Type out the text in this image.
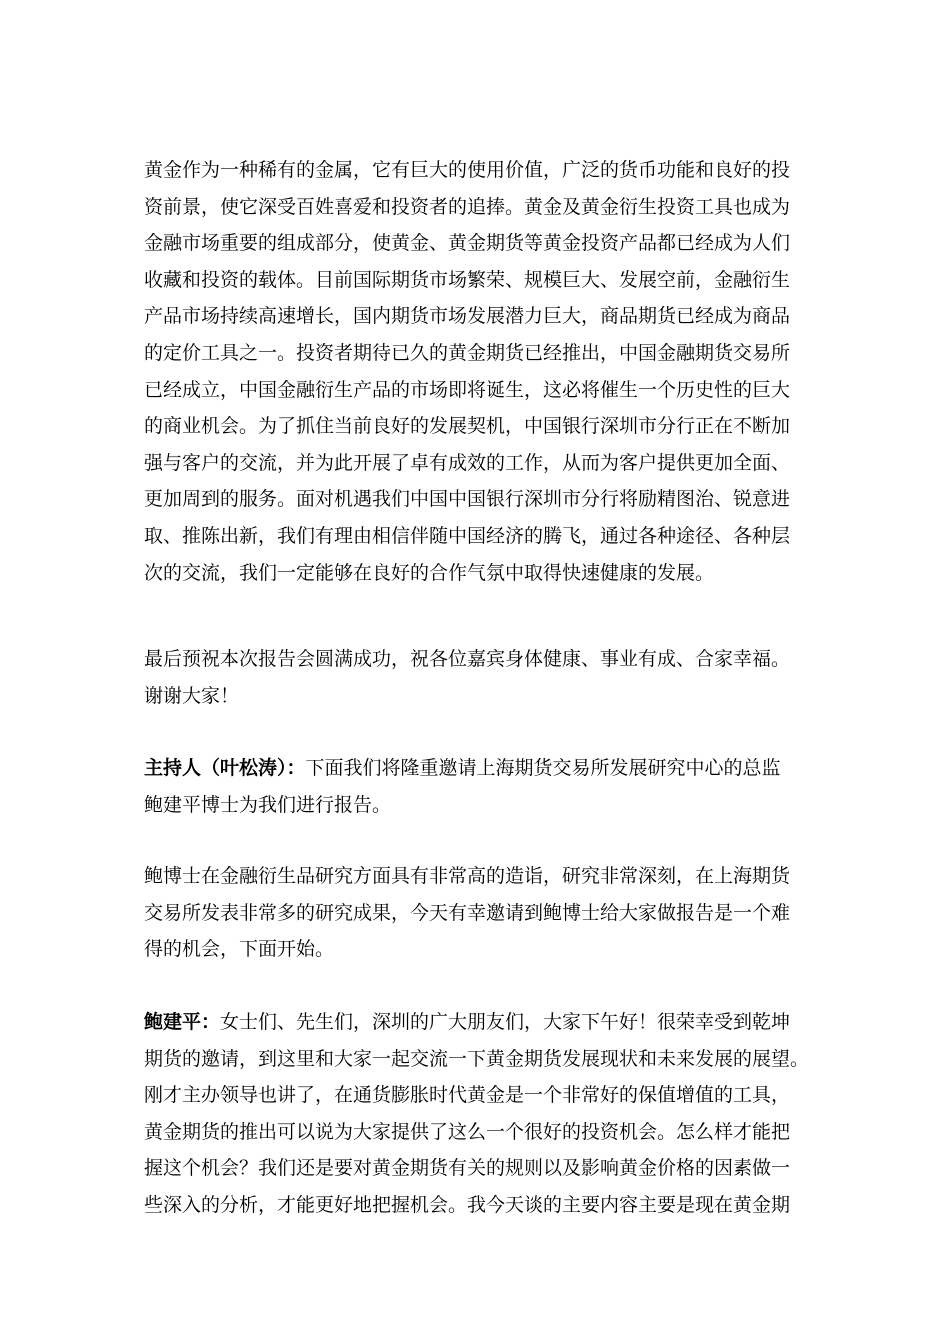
黄金作为一种稀有的金属，它有巨大的使用价值，广泛的货币功能和良好的投
资前景，使它深受百姓喜爱和投资者的追捧。黄金及黄金衍生投资工具也成为
金融市场重要的组成部分，使黄金、黄金期货等黄金投资产品都已经成为人们
收藏和投资的载体。目前国际期货市场繁荣、规模巨大、发展空前，金融衍生
产品市场持续高速增长，国内期货市场发展潜力巨大，商品期货已经成为商品
的定价工具之一。投资者期待已久的黄金期货已经推出，中国金融期货交易所
已经成立，中国金融衍生产品的市场即将诞生，这必将催生一个历史性的巨大
的商业机会。为了抓住当前良好的发展契机，中国银行深圳市分行正在不断加
强与客户的交流，并为此开展了卓有成效的工作，从而为客户提供更加全面、
更加周到的服务。面对机遇我们中国中国银行深圳市分行将励精图治、锐意进
取、推陈出新，我们有理由相信伴随中国经济的腾飞，通过各种途径、各种层
次的交流，我们一定能够在良好的合作气氛中取得快速健康的发展。

最后预祝本次报告会圆满成功，祝各位嘉宾身体健康、事业有成、合家幸福。
谢谢大家！

主持人（叶松涛）：下面我们将隆重邀请上海期货交易所发展研究中心的总监
鲍建平博士为我们进行报告。

鲍博士在金融衍生品研究方面具有非常高的造诣，研究非常深刻，在上海期货
交易所发表非常多的研究成果，今天有幸邀请到鲍博士给大家做报告是一个难
得的机会，下面开始。

鲍建平：女士们、先生们，深圳的广大朋友们，大家下午好！很荣幸受到乾坤
期货的邀请，到这里和大家一起交流一下黄金期货发展现状和未来发展的展望。
刚才主办领导也讲了，在通货膨胀时代黄金是一个非常好的保值增值的工具，
黄金期货的推出可以说为大家提供了这么一个很好的投资机会。怎么样才能把
握这个机会？我们还是要对黄金期货有关的规则以及影响黄金价格的因素做一
些深入的分析，才能更好地把握机会。我今天谈的主要内容主要是现在黄金期
